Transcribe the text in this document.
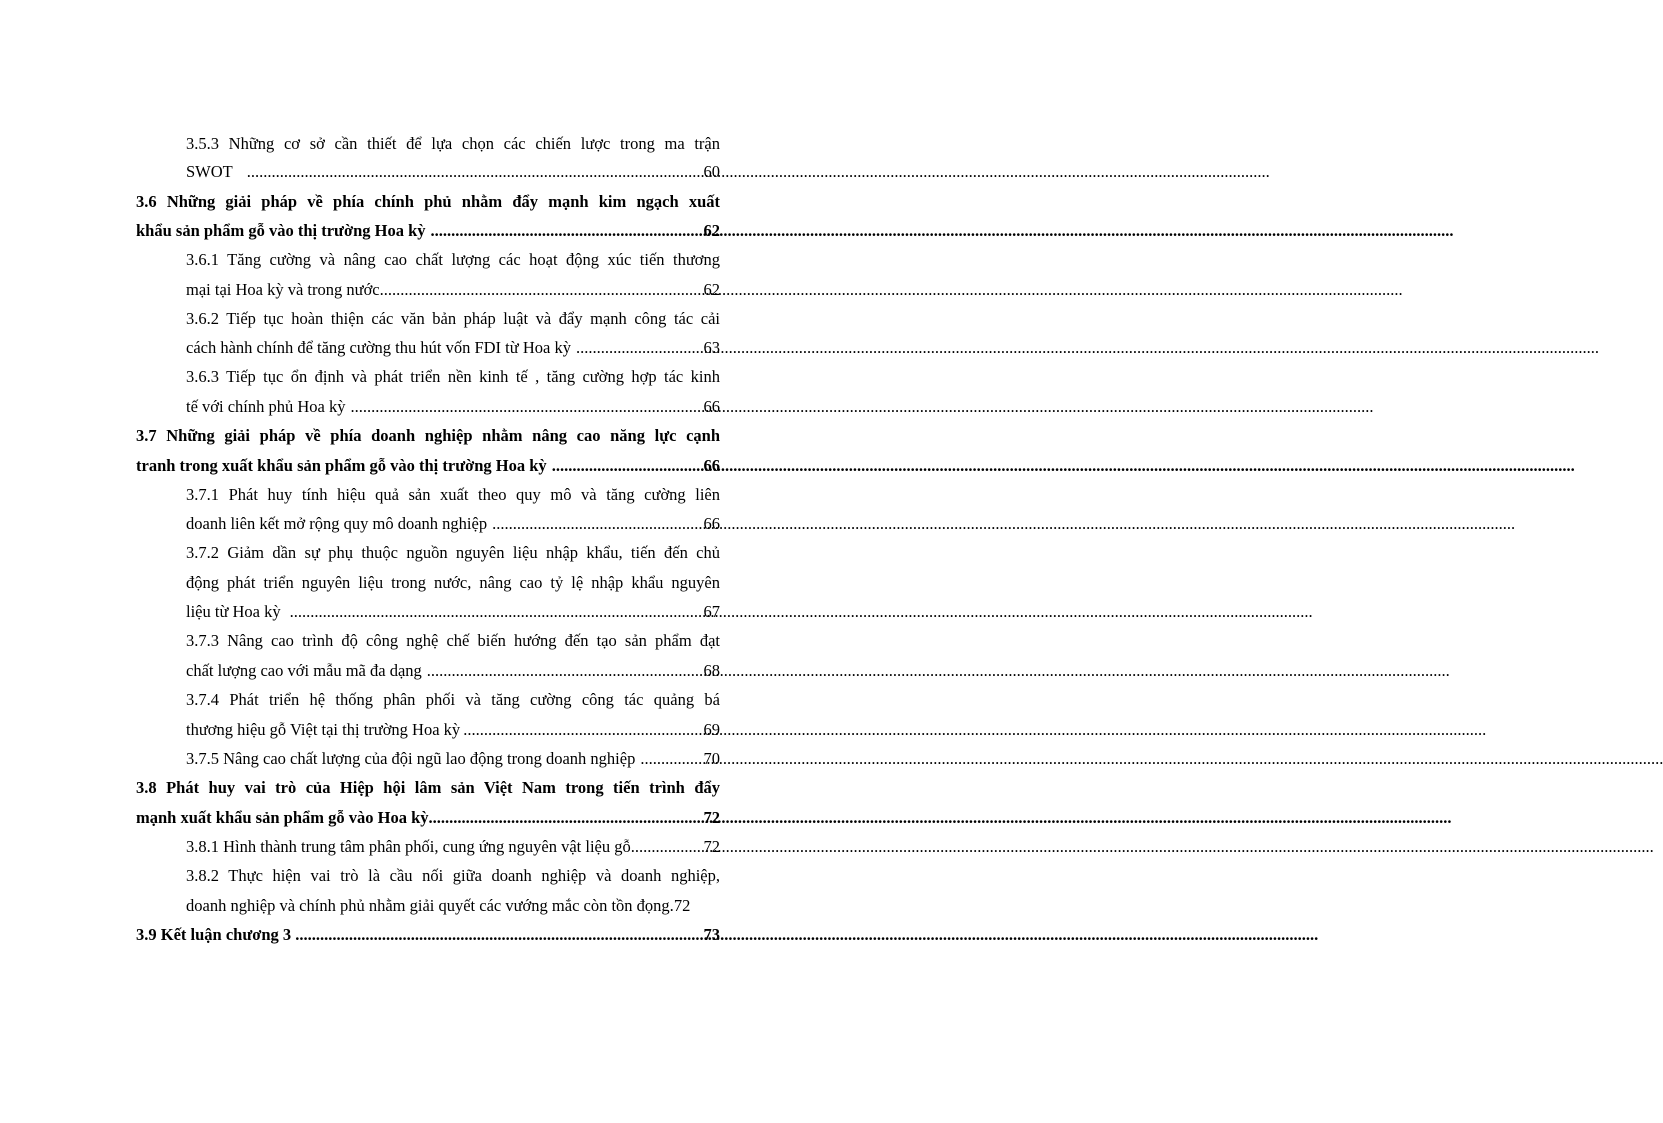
3.5.3 Những cơ sở cần thiết để lựa chọn các chiến lược trong ma trận
SWOT .....	60
3.6 Những giải pháp về phía chính phủ nhằm đẩy mạnh kim ngạch xuất
khẩu sản phẩm gỗ vào thị trường Hoa kỳ .....	62
3.6.1 Tăng cường và nâng cao chất lượng các hoạt động xúc tiến thương
mại tại Hoa kỳ và trong nước .....	62
3.6.2 Tiếp tục hoàn thiện các văn bản pháp luật và đẩy mạnh công tác cải
cách hành chính để tăng cường thu hút vốn FDI từ Hoa kỳ .....	63
3.6.3 Tiếp tục ổn định và phát triển nền kinh tế , tăng cường hợp tác kinh
tế với chính phủ Hoa kỳ .....	66
3.7 Những giải pháp về phía doanh nghiệp nhằm nâng cao năng lực cạnh
tranh trong xuất khẩu sản phẩm gỗ vào thị trường Hoa kỳ .....	66
3.7.1 Phát huy tính hiệu quả sản xuất theo quy mô và tăng cường liên
doanh liên kết mở rộng quy mô doanh nghiệp .....	66
3.7.2 Giảm dần sự phụ thuộc nguồn nguyên liệu nhập khẩu, tiến đến chủ
động phát triển nguyên liệu trong nước, nâng cao tỷ lệ nhập khẩu nguyên
liệu từ Hoa kỳ .....	67
3.7.3 Nâng cao trình độ công nghệ chế biến hướng đến tạo sản phẩm đạt
chất lượng cao với mẫu mã đa dạng .....	68
3.7.4 Phát triển hệ thống phân phối và tăng cường công tác quảng bá
thương hiệu gỗ Việt tại thị trường Hoa kỳ .....	69
3.7.5 Nâng cao chất lượng của đội ngũ lao động trong doanh nghiệp .....	70
3.8 Phát huy vai trò của Hiệp hội lâm sản Việt Nam trong tiến trình đẩy
mạnh xuất khẩu sản phẩm gỗ vào Hoa kỳ .....	72
3.8.1 Hình thành trung tâm phân phối, cung ứng nguyên vật liệu gỗ .....	72
3.8.2 Thực hiện vai trò là cầu nối giữa doanh nghiệp và doanh nghiệp,
doanh nghiệp và chính phủ nhằm giải quyết các vướng mắc còn tồn đọng. 72
3.9 Kết luận chương 3 .....	73
